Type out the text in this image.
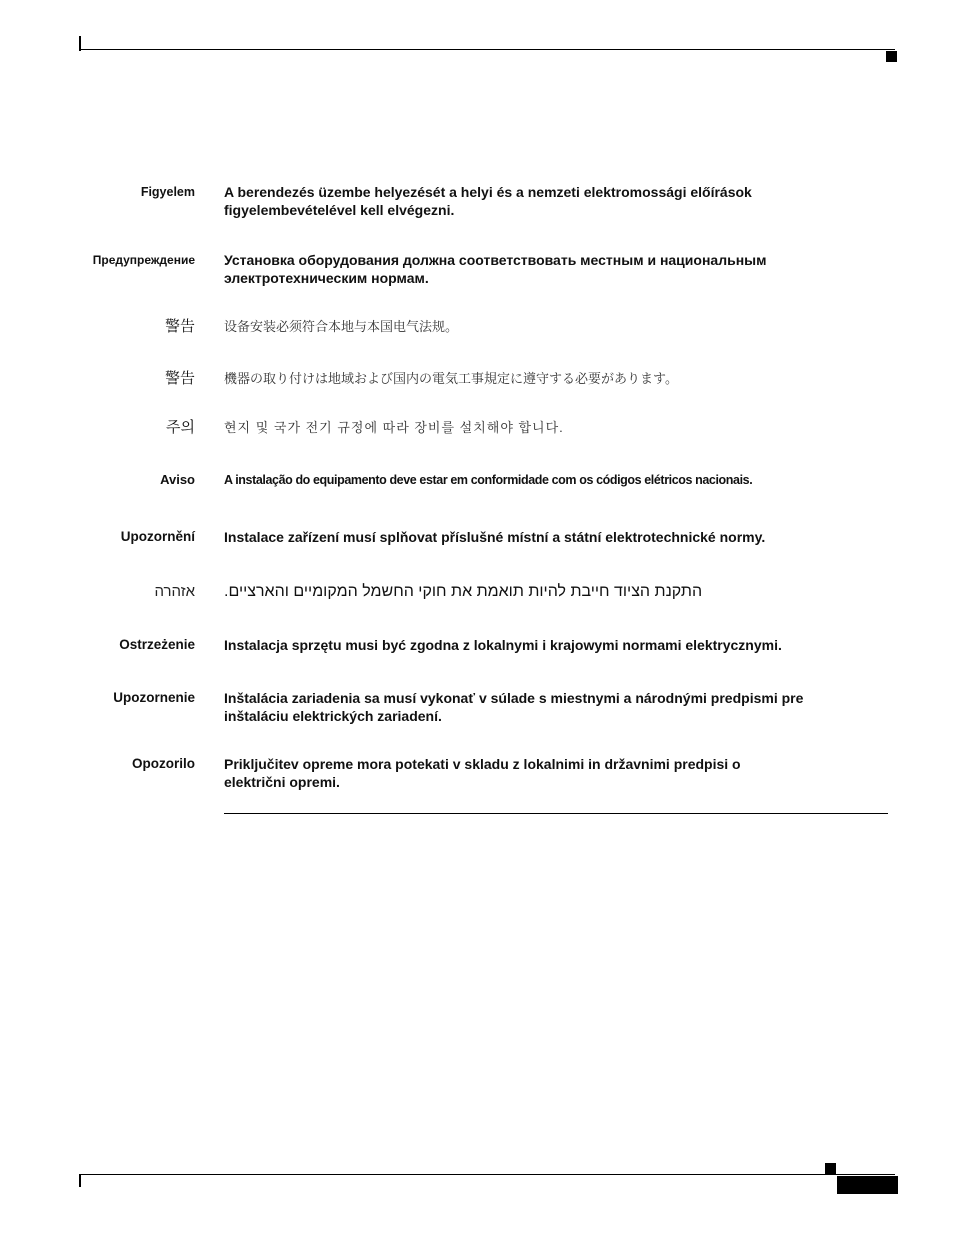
Figyelem A berendezés üzembe helyezését a helyi és a nemzeti elektromossági előírások figyelembevételével kell elvégezni.
Предупреждение Установка оборудования должна соответствовать местным и национальным электротехническим нормам.
警告 设备安装必须符合本地与本国电气法规。
警告 機器の取り付けは地域および国内の電気工事規定に遵守する必要があります。
주의 현지 및 국가 전기 규정에 따라 장비를 설치해야 합니다.
Aviso A instalação do equipamento deve estar em conformidade com os códigos elétricos nacionais.
Upozornění Instalace zařízení musí splňovat příslušné místní a státní elektrotechnické normy.
אזהרה התקנת הציוד חייבת להיות תואמת את חוקי החשמל המקומיים והארציים.
Ostrzeżenie Instalacja sprzętu musi być zgodna z lokalnymi i krajowymi normami elektrycznymi.
Upozornenie Inštalácia zariadenia sa musí vykonať v súlade s miestnymi a národnými predpismi pre inštaláciu elektrických zariadení.
Opozorilo Priključitev opreme mora potekati v skladu z lokalnimi in državnimi predpisi o električni opremi.
